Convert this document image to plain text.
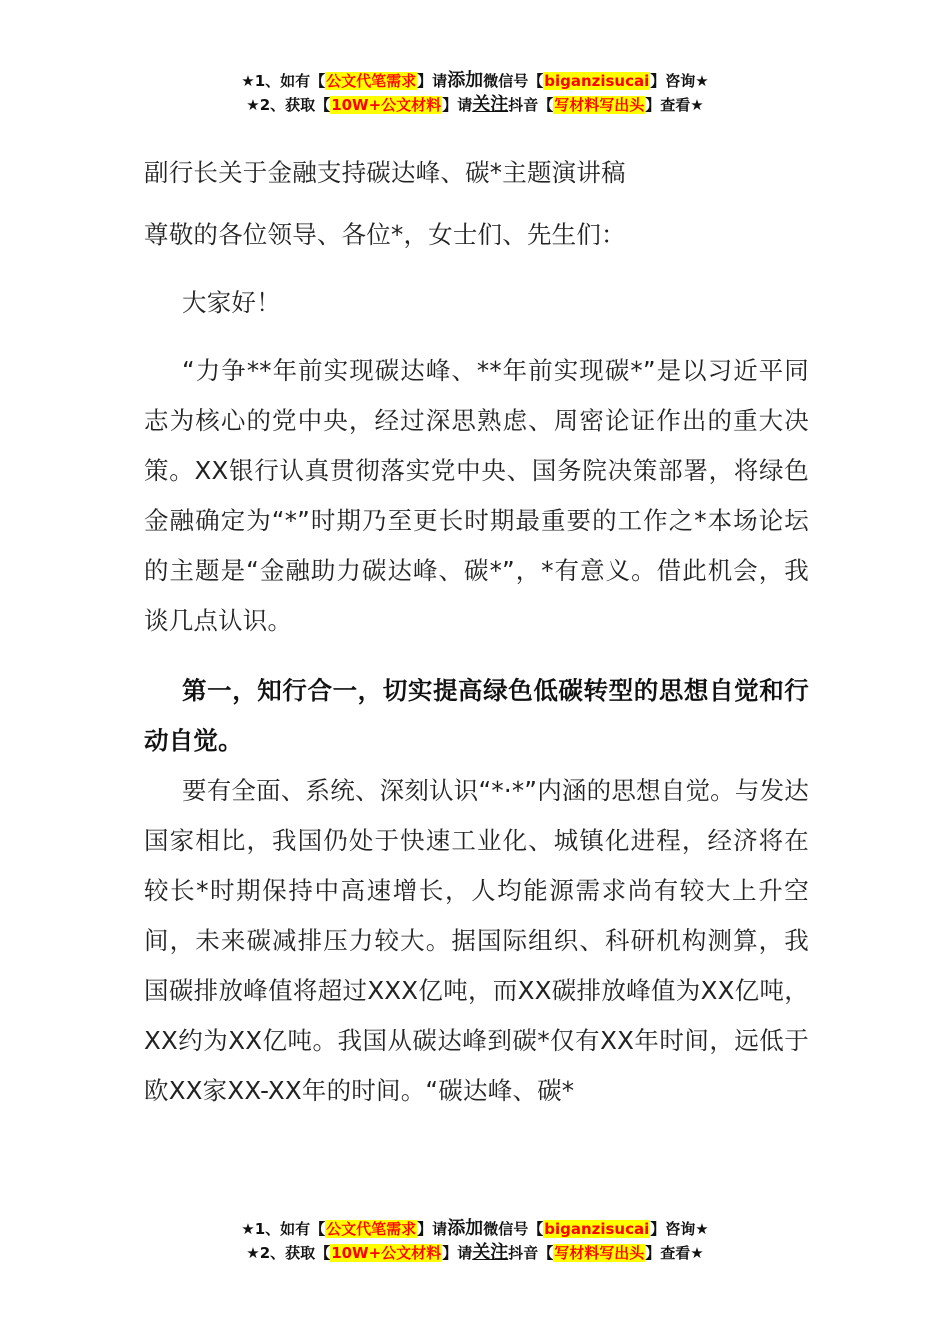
★1、如有【公文代笔需求】请添加微信号【biganzisucai】咨询★
★2、获取【10W+公文材料】请关注抖音【写材料写出头】查看★

副行长关于金融支持碳达峰、碳*主题演讲稿

尊敬的各位领导、各位*，女士们、先生们：

大家好！

“力争**年前实现碳达峰、**年前实现碳*”是以习近平同志为核心的党中央，经过深思熟虑、周密论证作出的重大决策。XX银行认真贯彻落实党中央、国务院决策部署，将绿色金融确定为“*”时期乃至更长时期最重要的工作之*本场论坛的主题是“金融助力碳达峰、碳*”，*有意义。借此机会，我谈几点认识。

第一，知行合一，切实提高绿色低碳转型的思想自觉和行动自觉。

要有全面、系统、深刻认识“*·*”内涵的思想自觉。与发达国家相比，我国仍处于快速工业化、城镇化进程，经济将在较长*时期保持中高速增长，人均能源需求尚有较大上升空间，未来碳减排压力较大。据国际组织、科研机构测算，我国碳排放峰值将超过XXX亿吨，而XX碳排放峰值为XX亿吨，XX约为XX亿吨。我国从碳达峰到碳*仅有XX年时间，远低于欧XX家XX-XX年的时间。“碳达峰、碳*

★1、如有【公文代笔需求】请添加微信号【biganzisucai】咨询★
★2、获取【10W+公文材料】请关注抖音【写材料写出头】查看★
